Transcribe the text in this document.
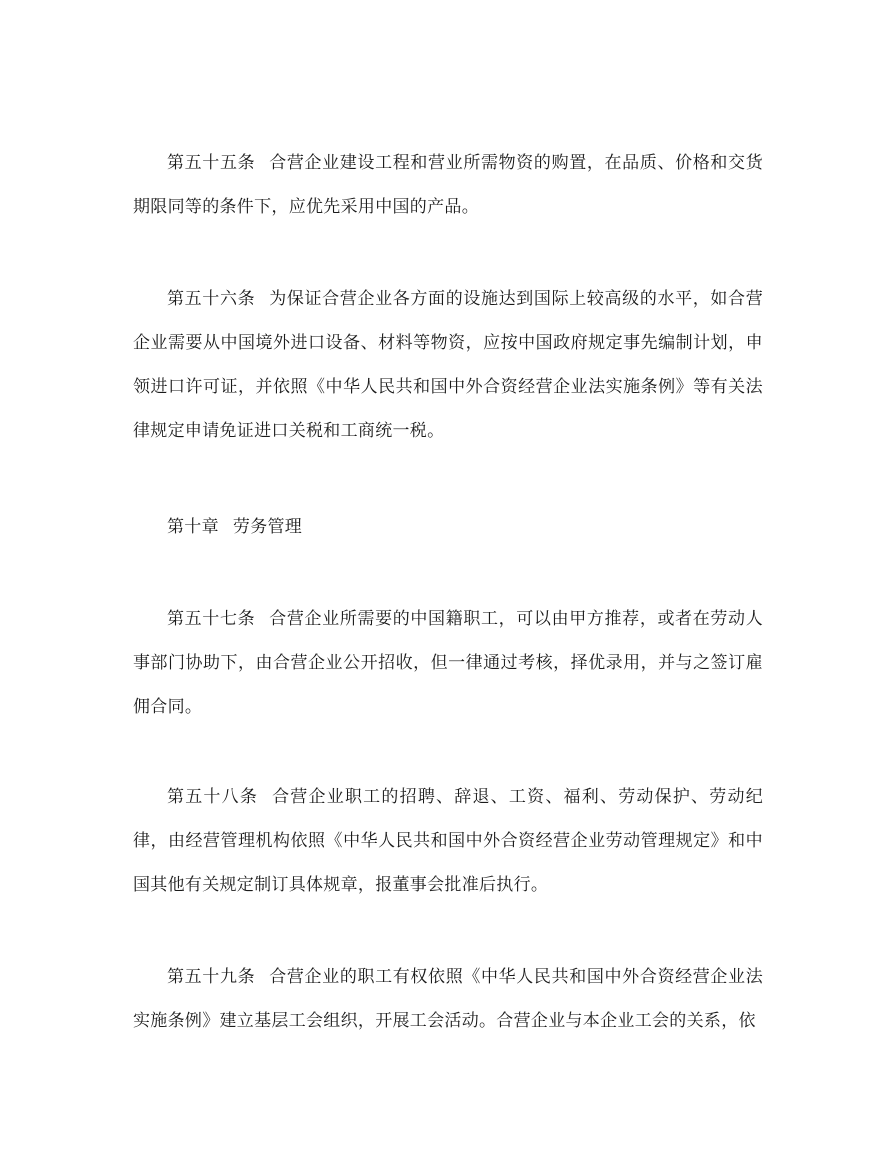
第五十五条 合营企业建设工程和营业所需物资的购置，在品质、价格和交货期限同等的条件下，应优先采用中国的产品。

第五十六条 为保证合营企业各方面的设施达到国际上较高级的水平，如合营企业需要从中国境外进口设备、材料等物资，应按中国政府规定事先编制计划，申领进口许可证，并依照《中华人民共和国中外合资经营企业法实施条例》等有关法律规定申请免证进口关税和工商统一税。

第十章 劳务管理

第五十七条 合营企业所需要的中国籍职工，可以由甲方推荐，或者在劳动人事部门协助下，由合营企业公开招收，但一律通过考核，择优录用，并与之签订雇佣合同。

第五十八条 合营企业职工的招聘、辞退、工资、福利、劳动保护、劳动纪律，由经营管理机构依照《中华人民共和国中外合资经营企业劳动管理规定》和中国其他有关规定制订具体规章，报董事会批准后执行。

第五十九条 合营企业的职工有权依照《中华人民共和国中外合资经营企业法实施条例》建立基层工会组织，开展工会活动。合营企业与本企业工会的关系，依
